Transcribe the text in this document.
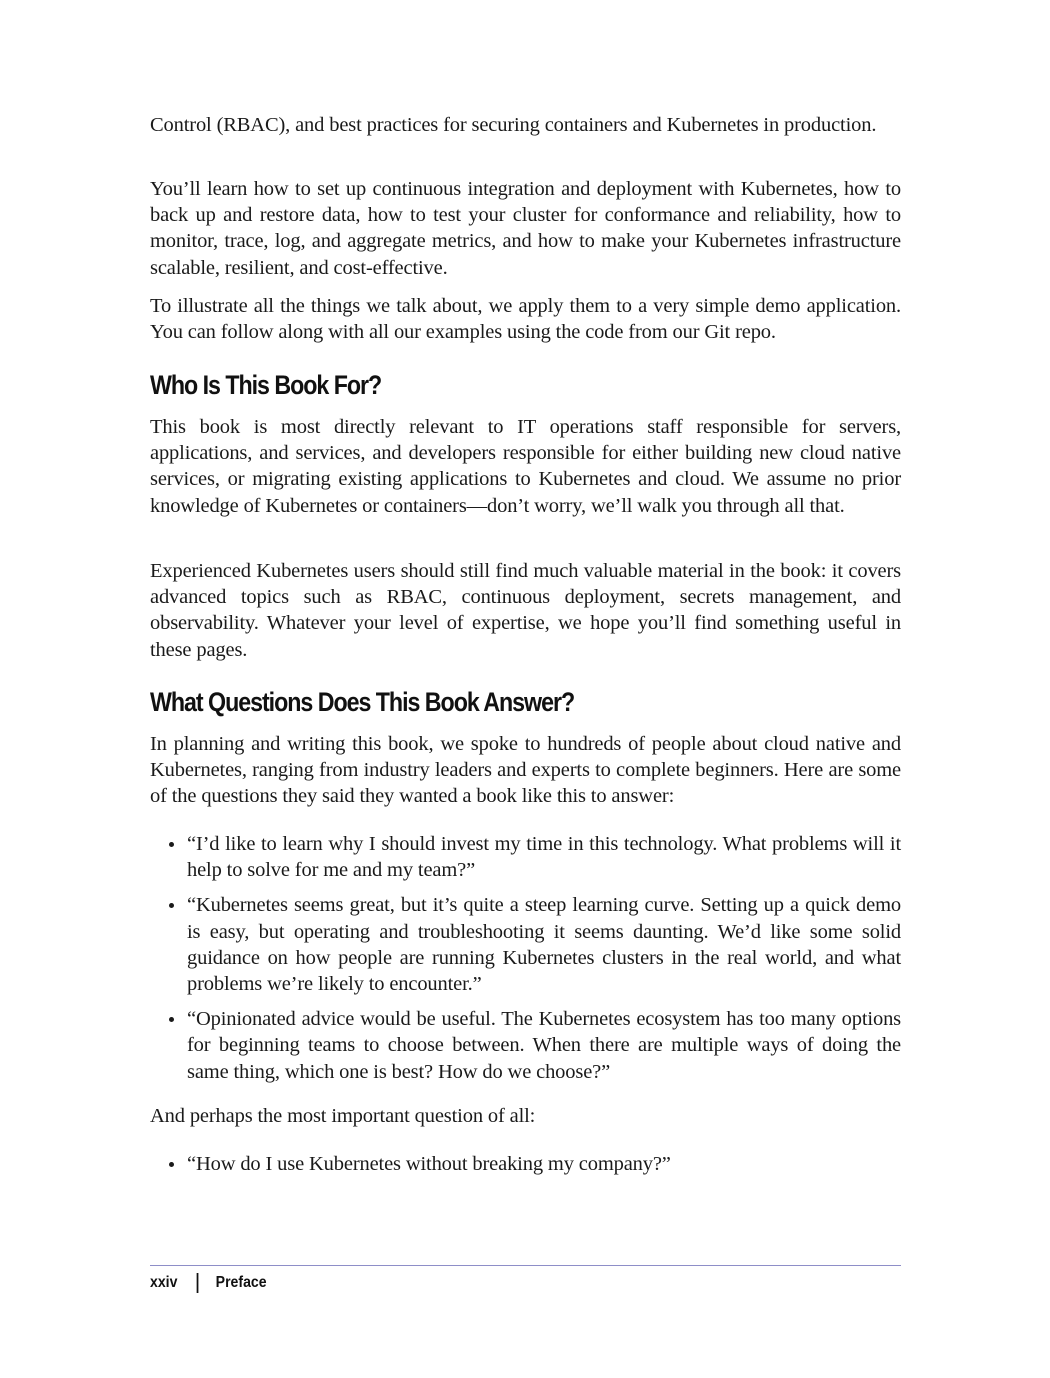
Control (RBAC), and best practices for securing containers and Kubernetes in production.

You’ll learn how to set up continuous integration and deployment with Kubernetes, how to back up and restore data, how to test your cluster for conformance and reliability, how to monitor, trace, log, and aggregate metrics, and how to make your Kubernetes infrastructure scalable, resilient, and cost-effective.

To illustrate all the things we talk about, we apply them to a very simple demo application. You can follow along with all our examples using the code from our Git repo.

Who Is This Book For?

This book is most directly relevant to IT operations staff responsible for servers, applications, and services, and developers responsible for either building new cloud native services, or migrating existing applications to Kubernetes and cloud. We assume no prior knowledge of Kubernetes or containers—don’t worry, we’ll walk you through all that.

Experienced Kubernetes users should still find much valuable material in the book: it covers advanced topics such as RBAC, continuous deployment, secrets management, and observability. Whatever your level of expertise, we hope you’ll find something useful in these pages.

What Questions Does This Book Answer?

In planning and writing this book, we spoke to hundreds of people about cloud native and Kubernetes, ranging from industry leaders and experts to complete beginners. Here are some of the questions they said they wanted a book like this to answer:

“I’d like to learn why I should invest my time in this technology. What problems will it help to solve for me and my team?”
“Kubernetes seems great, but it’s quite a steep learning curve. Setting up a quick demo is easy, but operating and troubleshooting it seems daunting. We’d like some solid guidance on how people are running Kubernetes clusters in the real world, and what problems we’re likely to encounter.”
“Opinionated advice would be useful. The Kubernetes ecosystem has too many options for beginning teams to choose between. When there are multiple ways of doing the same thing, which one is best? How do we choose?”

And perhaps the most important question of all:

“How do I use Kubernetes without breaking my company?”
xxiv Preface
